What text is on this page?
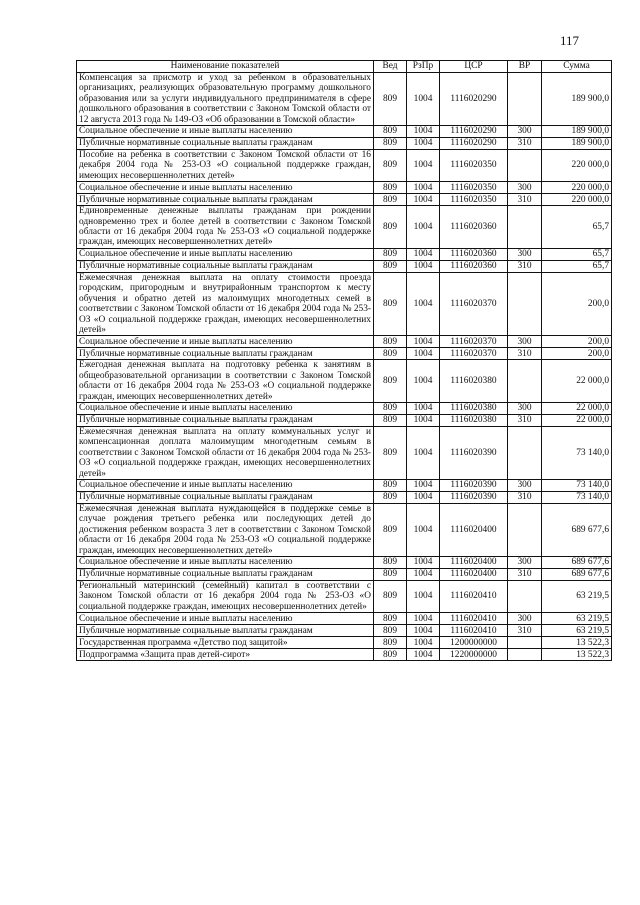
117
Наименование показателей	Вед	РзПр	ЦСР	ВР	Сумма
Компенсация за присмотр и уход за ребенком в образовательных организациях, реализующих образовательную программу дошкольного образования или за услуги индивидуального предпринимателя в сфере дошкольного образования в соответствии с Законом Томской области от 12 августа 2013 года № 149-ОЗ «Об образовании в Томской области»	809	1004	1116020290		189 900,0
Социальное обеспечение и иные выплаты населению	809	1004	1116020290	300	189 900,0
Публичные нормативные социальные выплаты гражданам	809	1004	1116020290	310	189 900,0
Пособие на ребенка в соответствии с Законом Томской области от 16 декабря 2004 года № 253-ОЗ «О социальной поддержке граждан, имеющих несовершеннолетних детей»	809	1004	1116020350		220 000,0
Социальное обеспечение и иные выплаты населению	809	1004	1116020350	300	220 000,0
Публичные нормативные социальные выплаты гражданам	809	1004	1116020350	310	220 000,0
Единовременные денежные выплаты гражданам при рождении одновременно трех и более детей в соответствии с Законом Томской области от 16 декабря 2004 года № 253-ОЗ «О социальной поддержке граждан, имеющих несовершеннолетних детей»	809	1004	1116020360		65,7
Социальное обеспечение и иные выплаты населению	809	1004	1116020360	300	65,7
Публичные нормативные социальные выплаты гражданам	809	1004	1116020360	310	65,7
Ежемесячная денежная выплата на оплату стоимости проезда городским, пригородным и внутрирайонным транспортом к месту обучения и обратно детей из малоимущих многодетных семей в соответствии с Законом Томской области от 16 декабря 2004 года № 253-ОЗ «О социальной поддержке граждан, имеющих несовершеннолетних детей»	809	1004	1116020370		200,0
Социальное обеспечение и иные выплаты населению	809	1004	1116020370	300	200,0
Публичные нормативные социальные выплаты гражданам	809	1004	1116020370	310	200,0
Ежегодная денежная выплата на подготовку ребенка к занятиям в общеобразовательной организации в соответствии с Законом Томской области от 16 декабря 2004 года № 253-ОЗ «О социальной поддержке граждан, имеющих несовершеннолетних детей»	809	1004	1116020380		22 000,0
Социальное обеспечение и иные выплаты населению	809	1004	1116020380	300	22 000,0
Публичные нормативные социальные выплаты гражданам	809	1004	1116020380	310	22 000,0
Ежемесячная денежная выплата на оплату коммунальных услуг и компенсационная доплата малоимущим многодетным семьям в соответствии с Законом Томской области от 16 декабря 2004 года № 253-ОЗ «О социальной поддержке граждан, имеющих несовершеннолетних детей»	809	1004	1116020390		73 140,0
Социальное обеспечение и иные выплаты населению	809	1004	1116020390	300	73 140,0
Публичные нормативные социальные выплаты гражданам	809	1004	1116020390	310	73 140,0
Ежемесячная денежная выплата нуждающейся в поддержке семье в случае рождения третьего ребенка или последующих детей до достижения ребенком возраста 3 лет в соответствии с Законом Томской области от 16 декабря 2004 года № 253-ОЗ «О социальной поддержке граждан, имеющих несовершеннолетних детей»	809	1004	1116020400		689 677,6
Социальное обеспечение и иные выплаты населению	809	1004	1116020400	300	689 677,6
Публичные нормативные социальные выплаты гражданам	809	1004	1116020400	310	689 677,6
Региональный материнский (семейный) капитал в соответствии с Законом Томской области от 16 декабря 2004 года № 253-ОЗ «О социальной поддержке граждан, имеющих несовершеннолетних детей»	809	1004	1116020410		63 219,5
Социальное обеспечение и иные выплаты населению	809	1004	1116020410	300	63 219,5
Публичные нормативные социальные выплаты гражданам	809	1004	1116020410	310	63 219,5
Государственная программа «Детство под защитой»	809	1004	1200000000		13 522,3
Подпрограмма «Защита прав детей-сирот»	809	1004	1220000000		13 522,3
